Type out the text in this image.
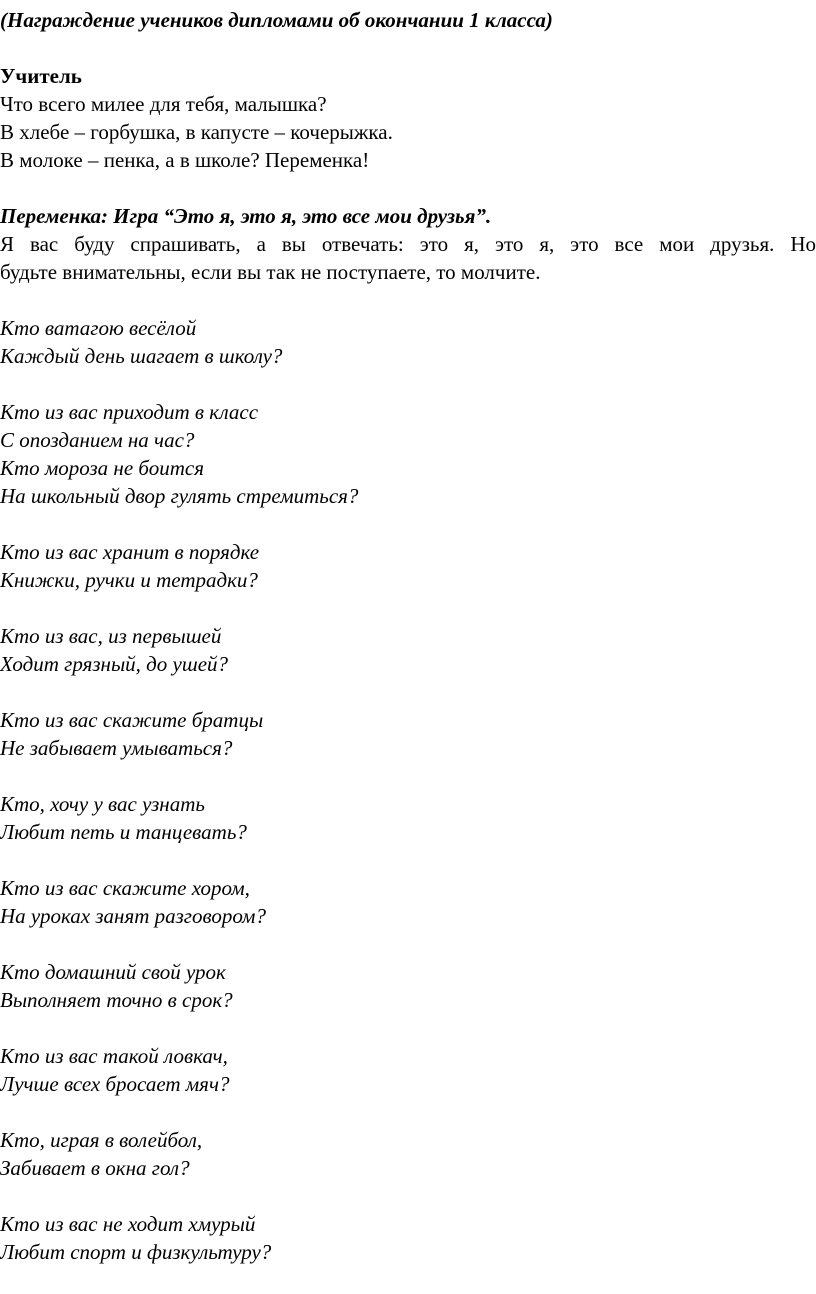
(Награждение учеников дипломами об окончании 1 класса)
Учитель
Что всего милее для тебя, малышка?
В хлебе – горбушка, в капусте – кочерыжка.
В молоке – пенка, а в школе? Переменка!
Переменка: Игра “Это я, это я, это все мои друзья”.
Я вас буду спрашивать, а вы отвечать: это я, это я, это все мои друзья. Но
будьте внимательны, если вы так не поступаете, то молчите.
Кто ватагою весёлой
Каждый день шагает в школу?
Кто из вас приходит в класс
С опозданием на час?
Кто мороза не боится
На школьный двор гулять стремиться?
Кто из вас хранит в порядке
Книжки, ручки и тетрадки?
Кто из вас, из первышей
Ходит грязный, до ушей?
Кто из вас скажите братцы
Не забывает умываться?
Кто, хочу у вас узнать
Любит петь и танцевать?
Кто из вас скажите хором,
На уроках занят разговором?
Кто домашний свой урок
Выполняет точно в срок?
Кто из вас такой ловкач,
Лучше всех бросает мяч?
Кто, играя в волейбол,
Забивает в окна гол?
Кто из вас не ходит хмурый
Любит спорт и физкультуру?
